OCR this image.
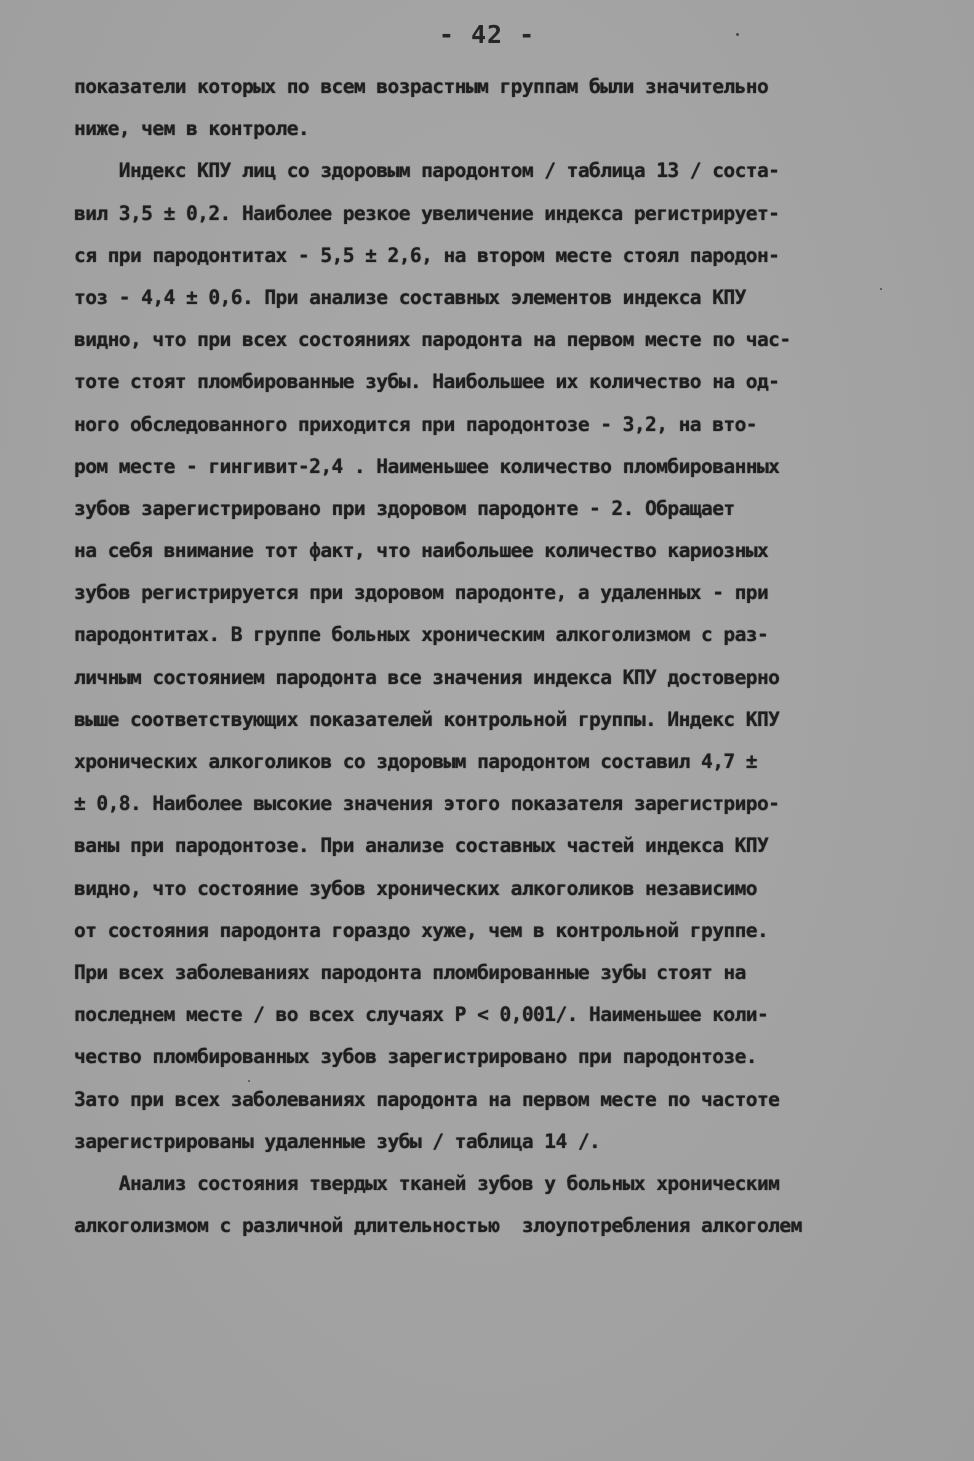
- 42 -
показатели которых по всем возрастным группам были значительно
ниже, чем в контроле.
Индекс КПУ лиц со здоровым пародонтом / таблица 13 / соста-
вил 3,5 ± 0,2. Наиболее резкое увеличение индекса регистрирует-
ся при пародонтитах - 5,5 ± 2,6, на втором месте стоял пародон-
тоз - 4,4 ± 0,6. При анализе составных элементов индекса КПУ
видно, что при всех состояниях пародонта на первом месте по час-
тоте стоят пломбированные зубы. Наибольшее их количество на од-
ного обследованного приходится при пародонтозе - 3,2, на вто-
ром месте - гингивит-2,4 . Наименьшее количество пломбированных
зубов зарегистрировано при здоровом пародонте - 2. Обращает
на себя внимание тот факт, что наибольшее количество кариозных
зубов регистрируется при здоровом пародонте, а удаленных - при
пародонтитах. В группе больных хроническим алкоголизмом с раз-
личным состоянием пародонта все значения индекса КПУ достоверно
выше соответствующих показателей контрольной группы. Индекс КПУ
хронических алкоголиков со здоровым пародонтом составил 4,7 ±
± 0,8. Наиболее высокие значения этого показателя зарегистриро-
ваны при пародонтозе. При анализе составных частей индекса КПУ
видно, что состояние зубов хронических алкоголиков независимо
от состояния пародонта гораздо хуже, чем в контрольной группе.
При всех заболеваниях пародонта пломбированные зубы стоят на
последнем месте / во всех случаях P < 0,001/. Наименьшее коли-
чество пломбированных зубов зарегистрировано при пародонтозе.
Зато при всех заболеваниях пародонта на первом месте по частоте
зарегистрированы удаленные зубы / таблица 14 /.
Анализ состояния твердых тканей зубов у больных хроническим
алкоголизмом с различной длительностью  злоупотребления алкоголем
